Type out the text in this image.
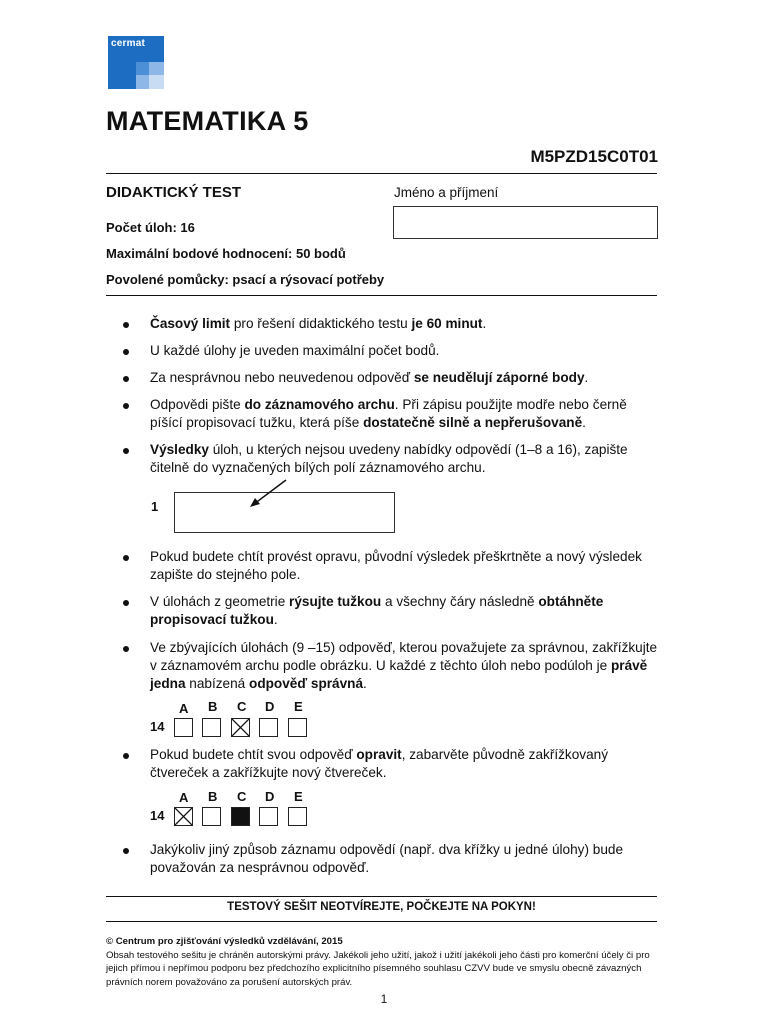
cermat
MATEMATIKA 5
M5PZD15C0T01
DIDAKTICKÝ TEST	Jméno a příjmení
Počet úloh: 16
Maximální bodové hodnocení: 50 bodů
Povolené pomůcky: psací a rýsovací potřeby
Časový limit pro řešení didaktického testu je 60 minut.
U každé úlohy je uveden maximální počet bodů.
Za nesprávnou nebo neuvedenou odpověď se neudělují záporné body.
Odpovědi pište do záznamového archu. Při zápisu použijte modře nebo černě píšící propisovací tužku, která píše dostatečně silně a nepřerušovaně.
Výsledky úloh, u kterých nejsou uvedeny nabídky odpovědí (1–8 a 16), zapište čitelně do vyznačených bílých polí záznamového archu.
Pokud budete chtít provést opravu, původní výsledek přeškrtněte a nový výsledek zapište do stejného pole.
V úlohách z geometrie rýsujte tužkou a všechny čáry následně obtáhněte propisovací tužkou.
Ve zbývajících úlohách (9 –15) odpověď, kterou považujete za správnou, zakřížkujte v záznamovém archu podle obrázku. U každé z těchto úloh nebo podúloh je právě jedna nabízená odpověď správná.
Pokud budete chtít svou odpověď opravit, zabarvěte původně zakřížkovaný čtvereček a zakřížkujte nový čtvereček.
Jakýkoliv jiný způsob záznamu odpovědí (např. dva křížky u jedné úlohy) bude považován za nesprávnou odpověď.
1
A B C D E
14
A B C D E
14
TESTOVÝ SEŠIT NEOTVÍREJTE, POČKEJTE NA POKYN!
© Centrum pro zjišťování výsledků vzdělávání, 2015
Obsah testového sešitu je chráněn autorskými právy. Jakékoli jeho užití, jakož i užití jakékoli jeho části pro komerční účely či pro jejich přímou i nepřímou podporu bez předchozího explicitního písemného souhlasu CZVV bude ve smyslu obecně závazných právních norem považováno za porušení autorských práv.
1
